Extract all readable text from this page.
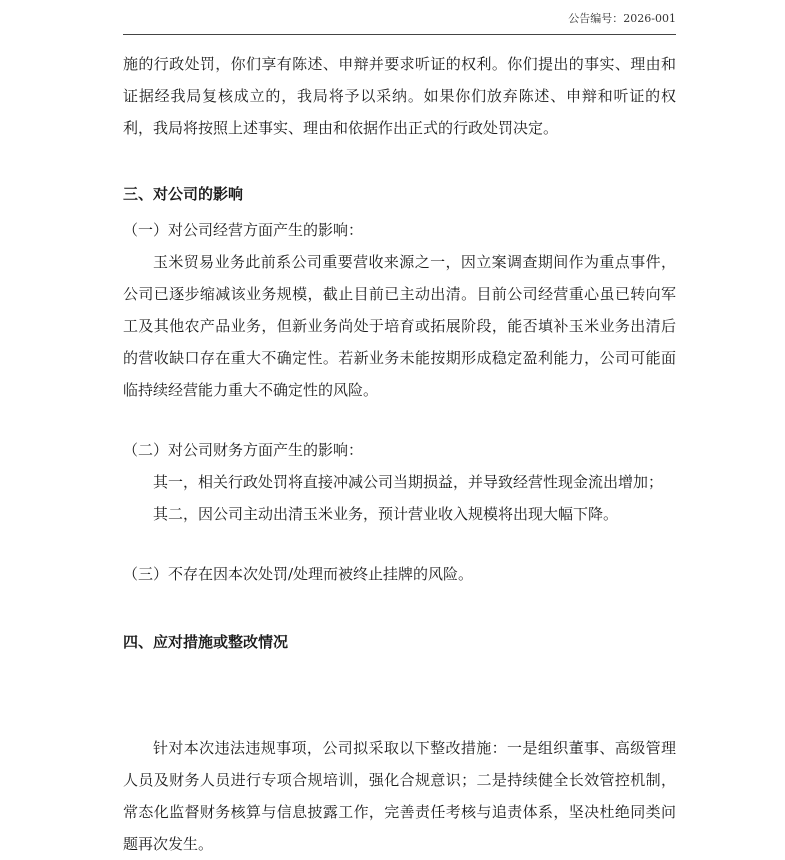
公告编号：2026-001

施的行政处罚，你们享有陈述、申辩并要求听证的权利。你们提出的事实、理由和证据经我局复核成立的，我局将予以采纳。如果你们放弃陈述、申辩和听证的权利，我局将按照上述事实、理由和依据作出正式的行政处罚决定。

三、对公司的影响

（一）对公司经营方面产生的影响：

玉米贸易业务此前系公司重要营收来源之一，因立案调查期间作为重点事件，公司已逐步缩减该业务规模，截止目前已主动出清。目前公司经营重心虽已转向军工及其他农产品业务，但新业务尚处于培育或拓展阶段，能否填补玉米业务出清后的营收缺口存在重大不确定性。若新业务未能按期形成稳定盈利能力，公司可能面临持续经营能力重大不确定性的风险。

（二）对公司财务方面产生的影响：

其一，相关行政处罚将直接冲减公司当期损益，并导致经营性现金流出增加；

其二，因公司主动出清玉米业务，预计营业收入规模将出现大幅下降。

（三）不存在因本次处罚/处理而被终止挂牌的风险。

四、应对措施或整改情况

针对本次违法违规事项，公司拟采取以下整改措施：一是组织董事、高级管理人员及财务人员进行专项合规培训，强化合规意识；二是持续健全长效管控机制，常态化监督财务核算与信息披露工作，完善责任考核与追责体系，坚决杜绝同类问题再次发生。
